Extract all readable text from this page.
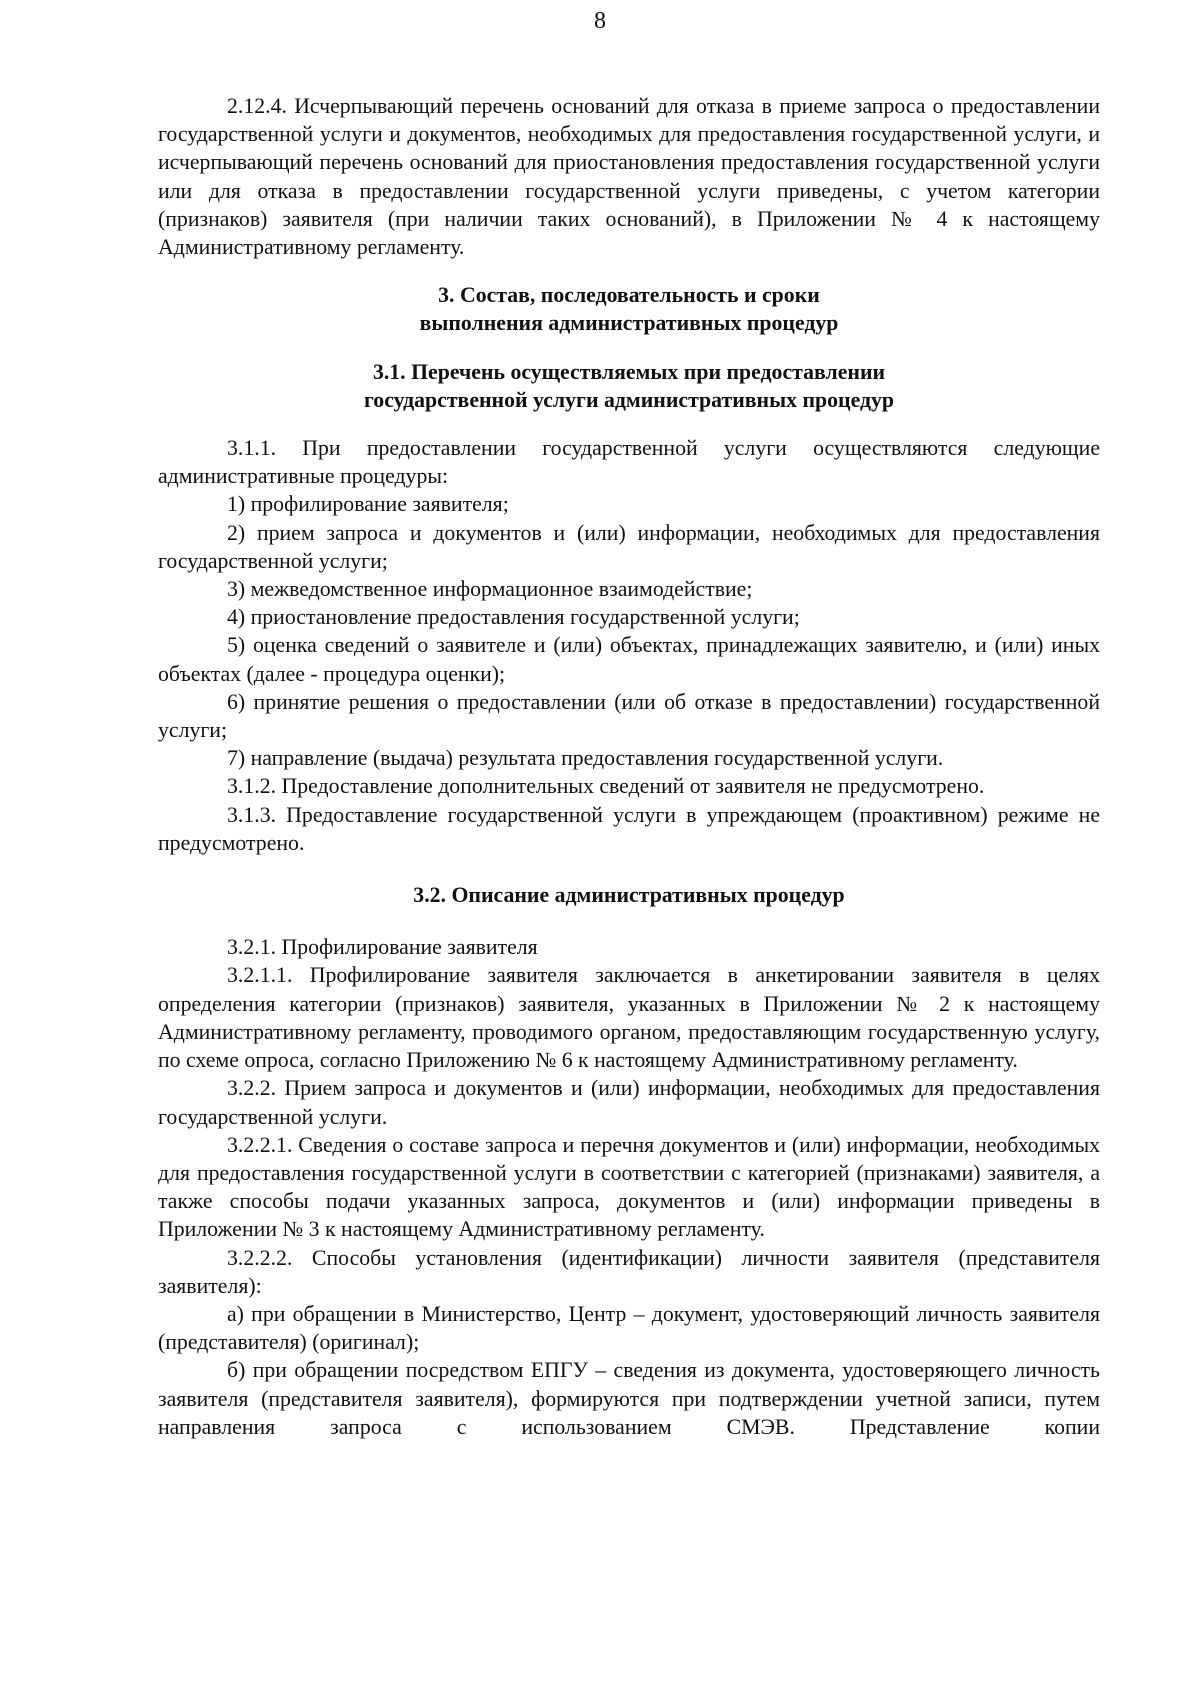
8

2.12.4. Исчерпывающий перечень оснований для отказа в приеме запроса о предоставлении государственной услуги и документов, необходимых для предоставления государственной услуги, и исчерпывающий перечень оснований для приостановления предоставления государственной услуги или для отказа в предоставлении государственной услуги приведены, с учетом категории (признаков) заявителя (при наличии таких оснований), в Приложении № 4 к настоящему Административному регламенту.

3. Состав, последовательность и сроки
выполнения административных процедур

3.1. Перечень осуществляемых при предоставлении
государственной услуги административных процедур

3.1.1. При предоставлении государственной услуги осуществляются следующие административные процедуры:

1) профилирование заявителя;

2) прием запроса и документов и (или) информации, необходимых для предоставления государственной услуги;

3) межведомственное информационное взаимодействие;

4) приостановление предоставления государственной услуги;

5) оценка сведений о заявителе и (или) объектах, принадлежащих заявителю, и (или) иных объектах (далее - процедура оценки);

6) принятие решения о предоставлении (или об отказе в предоставлении) государственной услуги;

7) направление (выдача) результата предоставления государственной услуги.

3.1.2. Предоставление дополнительных сведений от заявителя не предусмотрено.

3.1.3. Предоставление государственной услуги в упреждающем (проактивном) режиме не предусмотрено.

3.2. Описание административных процедур

3.2.1. Профилирование заявителя

3.2.1.1. Профилирование заявителя заключается в анкетировании заявителя в целях определения категории (признаков) заявителя, указанных в Приложении № 2 к настоящему Административному регламенту, проводимого органом, предоставляющим государственную услугу, по схеме опроса, согласно Приложению № 6 к настоящему Административному регламенту.

3.2.2. Прием запроса и документов и (или) информации, необходимых для предоставления государственной услуги.

3.2.2.1. Сведения о составе запроса и перечня документов и (или) информации, необходимых для предоставления государственной услуги в соответствии с категорией (признаками) заявителя, а также способы подачи указанных запроса, документов и (или) информации приведены в Приложении № 3 к настоящему Административному регламенту.

3.2.2.2. Способы установления (идентификации) личности заявителя (представителя заявителя):

а) при обращении в Министерство, Центр – документ, удостоверяющий личность заявителя (представителя) (оригинал);

б) при обращении посредством ЕПГУ – сведения из документа, удостоверяющего личность заявителя (представителя заявителя), формируются при подтверждении учетной записи, путем направления запроса с использованием СМЭВ. Представление копии
